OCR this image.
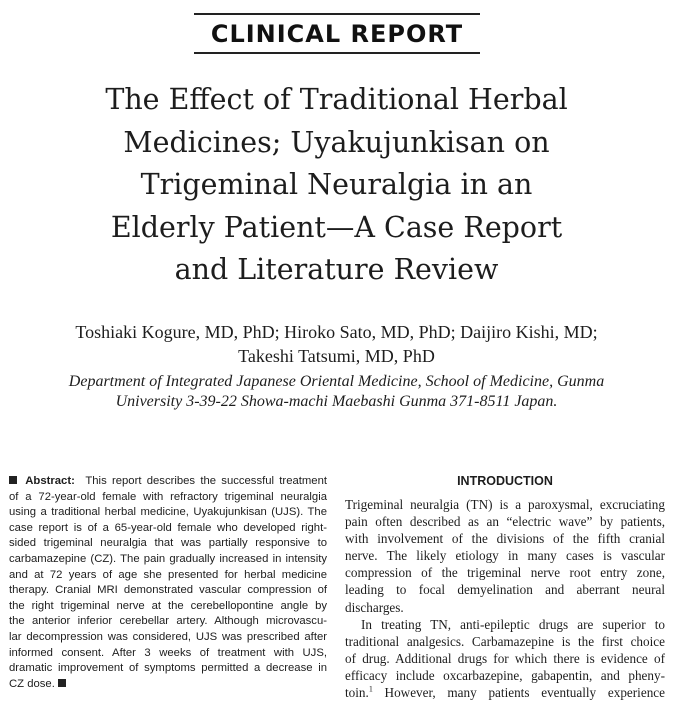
CLINICAL REPORT
The Effect of Traditional Herbal
Medicines; Uyakujunkisan on
Trigeminal Neuralgia in an
Elderly Patient—A Case Report
and Literature Review
Toshiaki Kogure, MD, PhD; Hiroko Sato, MD, PhD; Daijiro Kishi, MD;
Takeshi Tatsumi, MD, PhD
Department of Integrated Japanese Oriental Medicine, School of Medicine, Gunma
University 3-39-22 Showa-machi Maebashi Gunma 371-8511 Japan.
Abstract: This report describes the successful treatment
of a 72-year-old female with refractory trigeminal neuralgia
using a traditional herbal medicine, Uyakujunkisan (UJS). The
case report is of a 65-year-old female who developed right-
sided trigeminal neuralgia that was partially responsive to
carbamazepine (CZ). The pain gradually increased in intensity
and at 72 years of age she presented for herbal medicine
therapy. Cranial MRI demonstrated vascular compression of
the right trigeminal nerve at the cerebellopontine angle by
the anterior inferior cerebellar artery. Although microvascu-
lar decompression was considered, UJS was prescribed after
informed consent. After 3 weeks of treatment with UJS,
dramatic improvement of symptoms permitted a decrease in
CZ dose.
INTRODUCTION
Trigeminal neuralgia (TN) is a paroxysmal, excruciating
pain often described as an “electric wave” by patients,
with involvement of the divisions of the fifth cranial
nerve. The likely etiology in many cases is vascular
compression of the trigeminal nerve root entry zone,
leading to focal demyelination and aberrant neural
discharges.
In treating TN, anti-epileptic drugs are superior to
traditional analgesics. Carbamazepine is the first choice
of drug. Additional drugs for which there is evidence of
efficacy include oxcarbazepine, gabapentin, and pheny-
toin.$^1$ However, many patients eventually experience
